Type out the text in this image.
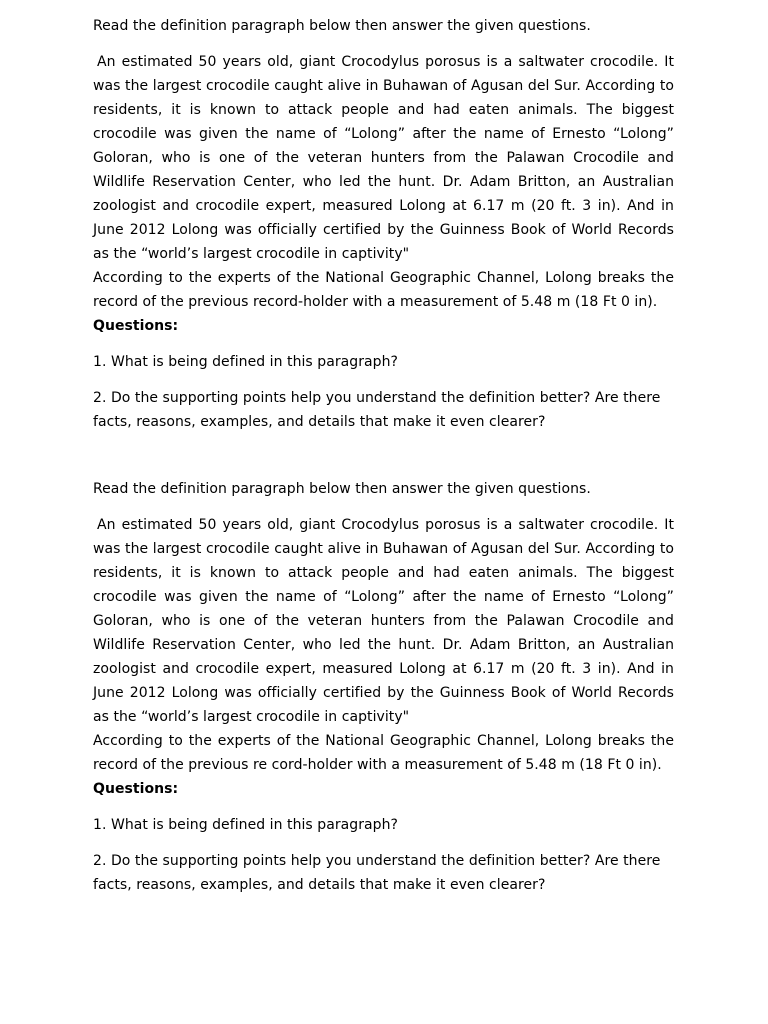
Read the definition paragraph below then answer the given questions.

An estimated 50 years old, giant Crocodylus porosus is a saltwater crocodile. It was the largest crocodile caught alive in Buhawan of Agusan del Sur. According to residents, it is known to attack people and had eaten animals. The biggest crocodile was given the name of “Lolong” after the name of Ernesto “Lolong” Goloran, who is one of the veteran hunters from the Palawan Crocodile and Wildlife Reservation Center, who led the hunt. Dr. Adam Britton, an Australian zoologist and crocodile expert, measured Lolong at 6.17 m (20 ft. 3 in). And in June 2012 Lolong was officially certified by the Guinness Book of World Records as the “world’s largest crocodile in captivity"

According to the experts of the National Geographic Channel, Lolong breaks the record of the previous record-holder with a measurement of 5.48 m (18 Ft 0 in).

Questions:

1. What is being defined in this paragraph?

2. Do the supporting points help you understand the definition better? Are there facts, reasons, examples, and details that make it even clearer?

Read the definition paragraph below then answer the given questions.

An estimated 50 years old, giant Crocodylus porosus is a saltwater crocodile. It was the largest crocodile caught alive in Buhawan of Agusan del Sur. According to residents, it is known to attack people and had eaten animals. The biggest crocodile was given the name of “Lolong” after the name of Ernesto “Lolong” Goloran, who is one of the veteran hunters from the Palawan Crocodile and Wildlife Reservation Center, who led the hunt. Dr. Adam Britton, an Australian zoologist and crocodile expert, measured Lolong at 6.17 m (20 ft. 3 in). And in June 2012 Lolong was officially certified by the Guinness Book of World Records as the “world’s largest crocodile in captivity"

According to the experts of the National Geographic Channel, Lolong breaks the record of the previous re cord-holder with a measurement of 5.48 m (18 Ft 0 in).

Questions:

1. What is being defined in this paragraph?

2. Do the supporting points help you understand the definition better? Are there facts, reasons, examples, and details that make it even clearer?
